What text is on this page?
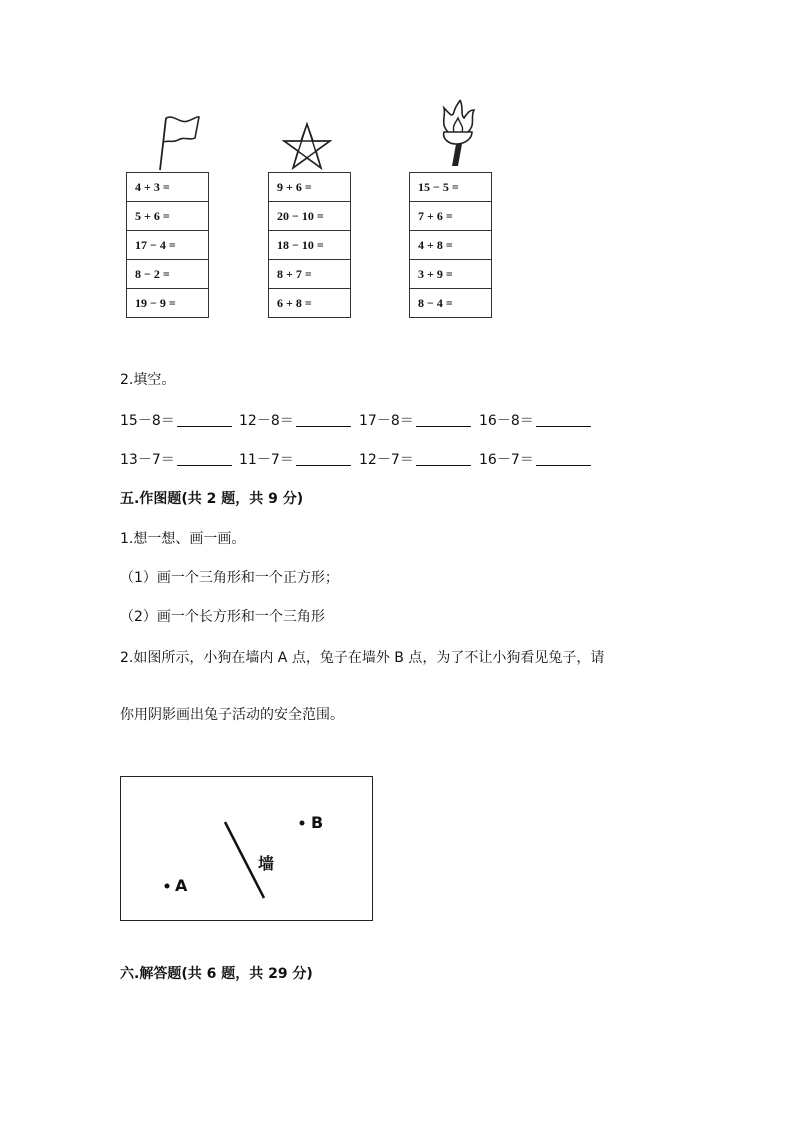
4 + 3 =
5 + 6 =
17 − 4 =
8 − 2 =
19 − 9 =
9 + 6 =
20 − 10 =
18 − 10 =
8 + 7 =
6 + 8 =
15 − 5 =
7 + 6 =
4 + 8 =
3 + 9 =
8 − 4 =
2.填空。
15－8＝	12－8＝	17－8＝	16－8＝
13－7＝	11－7＝	12－7＝	16－7＝
五.作图题(共 2 题，共 9 分)
1.想一想、画一画。
（1）画一个三角形和一个正方形；
（2）画一个长方形和一个三角形
2.如图所示，小狗在墙内 A 点，兔子在墙外 B 点，为了不让小狗看见兔子，请
你用阴影画出兔子活动的安全范围。
B
A
墙
六.解答题(共 6 题，共 29 分)
